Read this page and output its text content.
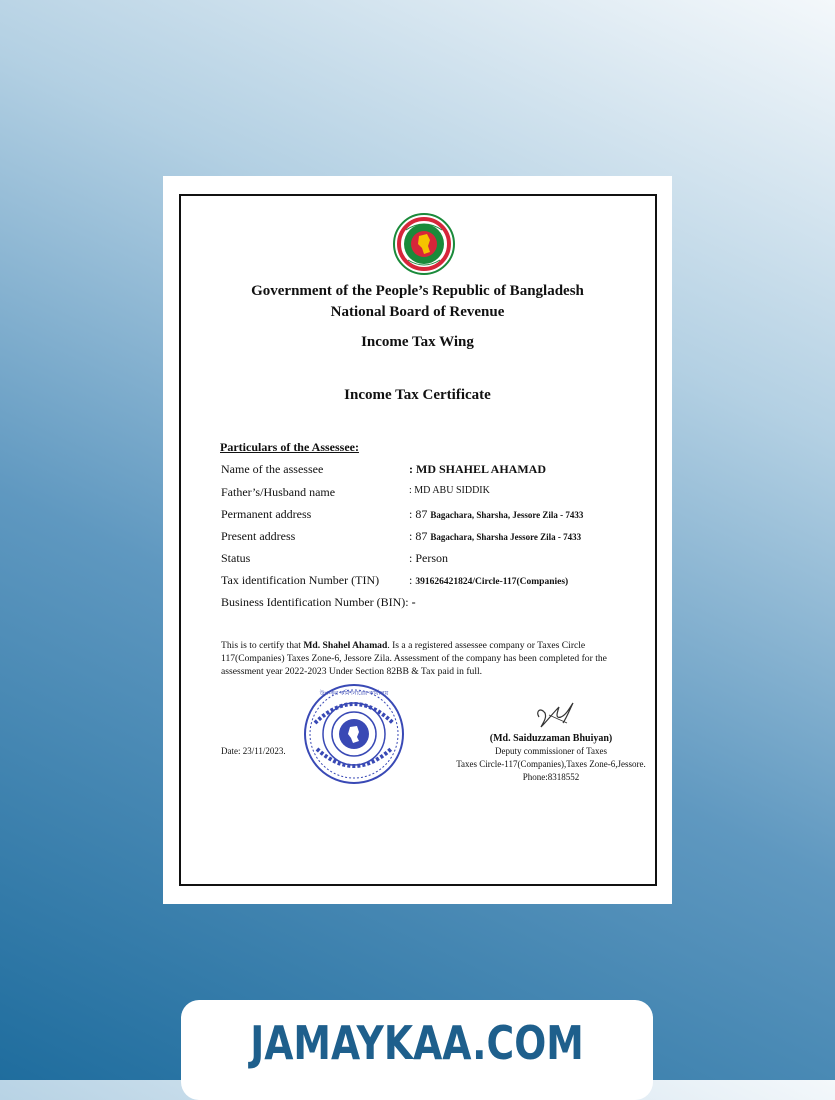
Government of the People’s Republic of Bangladesh
National Board of Revenue
Income Tax Wing
Income Tax Certificate
Particulars of the Assessee:
Name of the assessee	: MD SHAHEL AHAMAD
Father’s/Husband name	: MD ABU SIDDIK
Permanent address	: 87 Bagachara, Sharsha, Jessore Zila - 7433
Present address	: 87 Bagachara, Sharsha Jessore Zila - 7433
Status	: Person
Tax identification Number (TIN) : 391626421824/Circle-117(Companies)
Business Identification Number (BIN): -
This is to certify that Md. Shahel Ahamad. Is a a registered assessee company or Taxes Circle 117(Companies) Taxes Zone-6, Jessore Zila. Assessment of the company has been completed for the assessment year 2022-2023 Under Section 82BB & Tax paid in full.
উপ-কর কমিশনারের কার্যালয়
Date: 23/11/2023.
(Md. Saiduzzaman Bhuiyan)
Deputy commissioner of Taxes
Taxes Circle-117(Companies),Taxes Zone-6,Jessore.
Phone:8318552
JAMAYKAA.COM
